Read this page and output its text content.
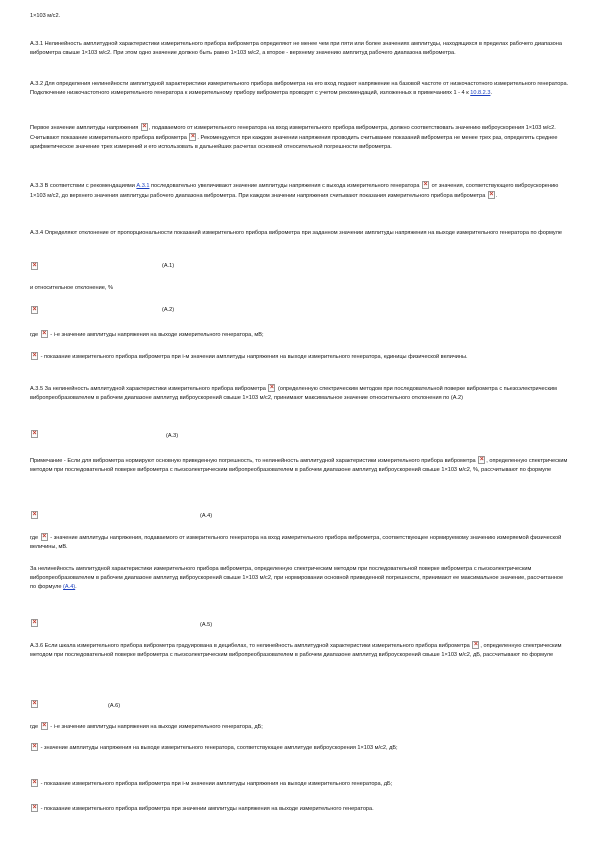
1×103 м/с2.

А.3.1 Нелинейность амплитудной характеристики измерительного прибора виброметра определяют не менее чем при пяти или более значениях амплитуды, находящихся в пределах рабочего диапазона виброметра свыше 1×103 м/с2. При этом одно значение должно быть равно 1×103 м/с2, а второе - верхнему значению амплитуд рабочего диапазона виброметра.

А.3.2 Для определения нелинейности амплитудной характеристики измерительного прибора виброметра на его вход подают напряжение на базовой частоте от низкочастотного измерительного генератора. Подключение низкочастотного измерительного генератора к измерительному прибору виброметра проводят с учетом рекомендаций, изложенных в примечаниях 1 - 4 к 10.8.2.3.

Первое значение амплитуды напряжения × , подаваемого от измерительного генератора на вход измерительного прибора виброметра, должно соответствовать значению виброускорения 1×103 м/с2. Считывают показание измерительного прибора виброметра × . Рекомендуется при каждом значении напряжения проводить считывание показаний виброметра не менее трех раз, определять среднее арифметическое значение трех измерений и его использовать в дальнейших расчетах основной относительной погрешности виброметра.

А.3.3 В соответствии с рекомендациями А.3.1 последовательно увеличивают значение амплитуды напряжения с выхода измерительного генератора × от значения, соответствующего виброускорению 1×103 м/с2, до верхнего значения амплитуды рабочего диапазона виброметра. При каждом значении напряжения считывают показания измерительного прибора виброметра × .

А.3.4 Определяют отклонение от пропорциональности показаний измерительного прибора виброметра при заданном значении амплитуды напряжения на выходе измерительного генератора по формуле

×
(А.1)

и относительное отклонение, %

×
(А.2)

где × - i-е значение амплитуды напряжения на выходе измерительного генератора, мВ;

× - показание измерительного прибора виброметра при i-м значении амплитуды напряжения на выходе измерительного генератора, единицы физической величины.

А.3.5 За нелинейность амплитудной характеристики измерительного прибора виброметра × (определенную спектрическим методом при последовательной поверке виброметра с пьезоэлектрическим вибропреобразователем в рабочем диапазоне амплитуд виброускорений свыше 1×103 м/с2, принимают максимальное значение относительного отклонения по (А.2)

×
(А.3)

Примечание - Если для виброметра нормируют основную приведенную погрешность, то нелинейность амплитудной характеристики измерительного прибора виброметра × , определенную спектрическим методом при последовательной поверке виброметра с пьезоэлектрическим вибропреобразователем в рабочем диапазоне амплитуд виброускорений свыше 1×103 м/с2, %, рассчитывают по формуле

×
(А.4)

где × - значение амплитуды напряжения, подаваемого от измерительного генератора на вход измерительного прибора виброметра, соответствующее нормируемому значению измеряемой физической величины, мВ.

За нелинейность амплитудной характеристики измерительного прибора виброметра, определенную спектрическим методом при последовательной поверке виброметра с пьезоэлектрическим вибропреобразователем в рабочем диапазоне амплитуд виброускорений свыше 1×103 м/с2, при нормировании основной приведенной погрешности, принимают ее максимальное значение, рассчитанное по формуле (А.4).

×
(А.5)

А.3.6 Если шкала измерительного прибора виброметра градуирована в децибелах, то нелинейность амплитудной характеристики измерительного прибора виброметра × , определенную спектрическим методом при последовательной поверке виброметра с пьезоэлектрическим вибропреобразователем в рабочем диапазоне амплитуд виброускорений свыше 1×103 м/с2, дБ, рассчитывают по формуле

×
(А.6)

где × - i-е значение амплитуды напряжения на выходе измерительного генератора, дБ;

× - значение амплитуды напряжения на выходе измерительного генератора, соответствующее амплитуде виброускорения 1×103 м/с2, дБ;

× - показание измерительного прибора виброметра при i-м значении амплитуды напряжения на выходе измерительного генератора, дБ;

× - показание измерительного прибора виброметра при значении амплитуды напряжения на выходе измерительного генератора.
